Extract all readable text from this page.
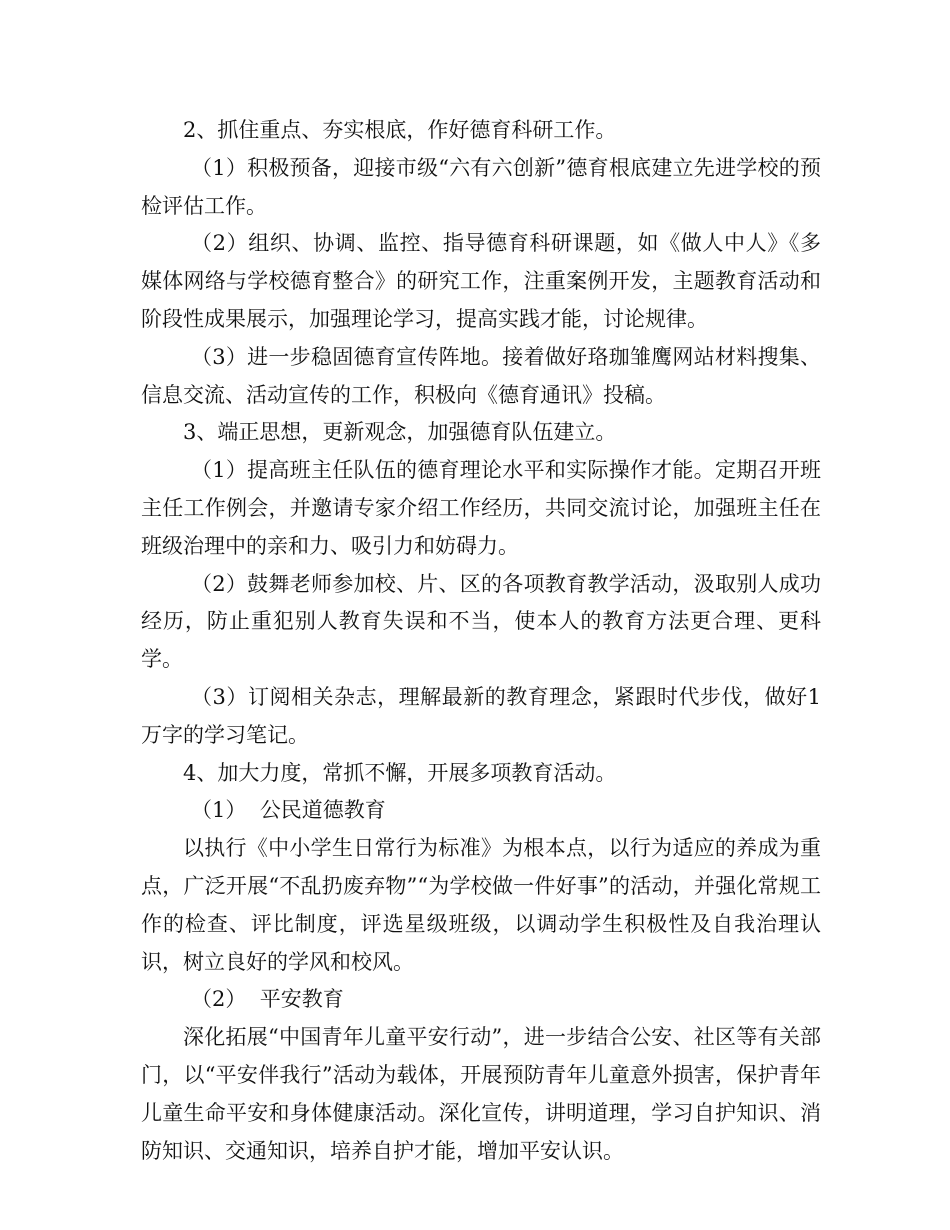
2、抓住重点、夯实根底，作好德育科研工作。

（1）积极预备，迎接市级“六有六创新”德育根底建立先进学校的预检评估工作。

（2）组织、协调、监控、指导德育科研课题，如《做人中人》《多媒体网络与学校德育整合》的研究工作，注重案例开发，主题教育活动和阶段性成果展示，加强理论学习，提高实践才能，讨论规律。

（3）进一步稳固德育宣传阵地。接着做好珞珈雏鹰网站材料搜集、信息交流、活动宣传的工作，积极向《德育通讯》投稿。

3、端正思想，更新观念，加强德育队伍建立。

（1）提高班主任队伍的德育理论水平和实际操作才能。定期召开班主任工作例会，并邀请专家介绍工作经历，共同交流讨论，加强班主任在班级治理中的亲和力、吸引力和妨碍力。

（2）鼓舞老师参加校、片、区的各项教育教学活动，汲取别人成功经历，防止重犯别人教育失误和不当，使本人的教育方法更合理、更科学。

（3）订阅相关杂志，理解最新的教育理念，紧跟时代步伐，做好1万字的学习笔记。

4、加大力度，常抓不懈，开展多项教育活动。

（1）  公民道德教育

以执行《中小学生日常行为标准》为根本点，以行为适应的养成为重点，广泛开展“不乱扔废弃物”“为学校做一件好事”的活动，并强化常规工作的检查、评比制度，评选星级班级，以调动学生积极性及自我治理认识，树立良好的学风和校风。

（2）  平安教育

深化拓展“中国青年儿童平安行动”，进一步结合公安、社区等有关部门，以“平安伴我行”活动为载体，开展预防青年儿童意外损害，保护青年儿童生命平安和身体健康活动。深化宣传，讲明道理，学习自护知识、消防知识、交通知识，培养自护才能，增加平安认识。
